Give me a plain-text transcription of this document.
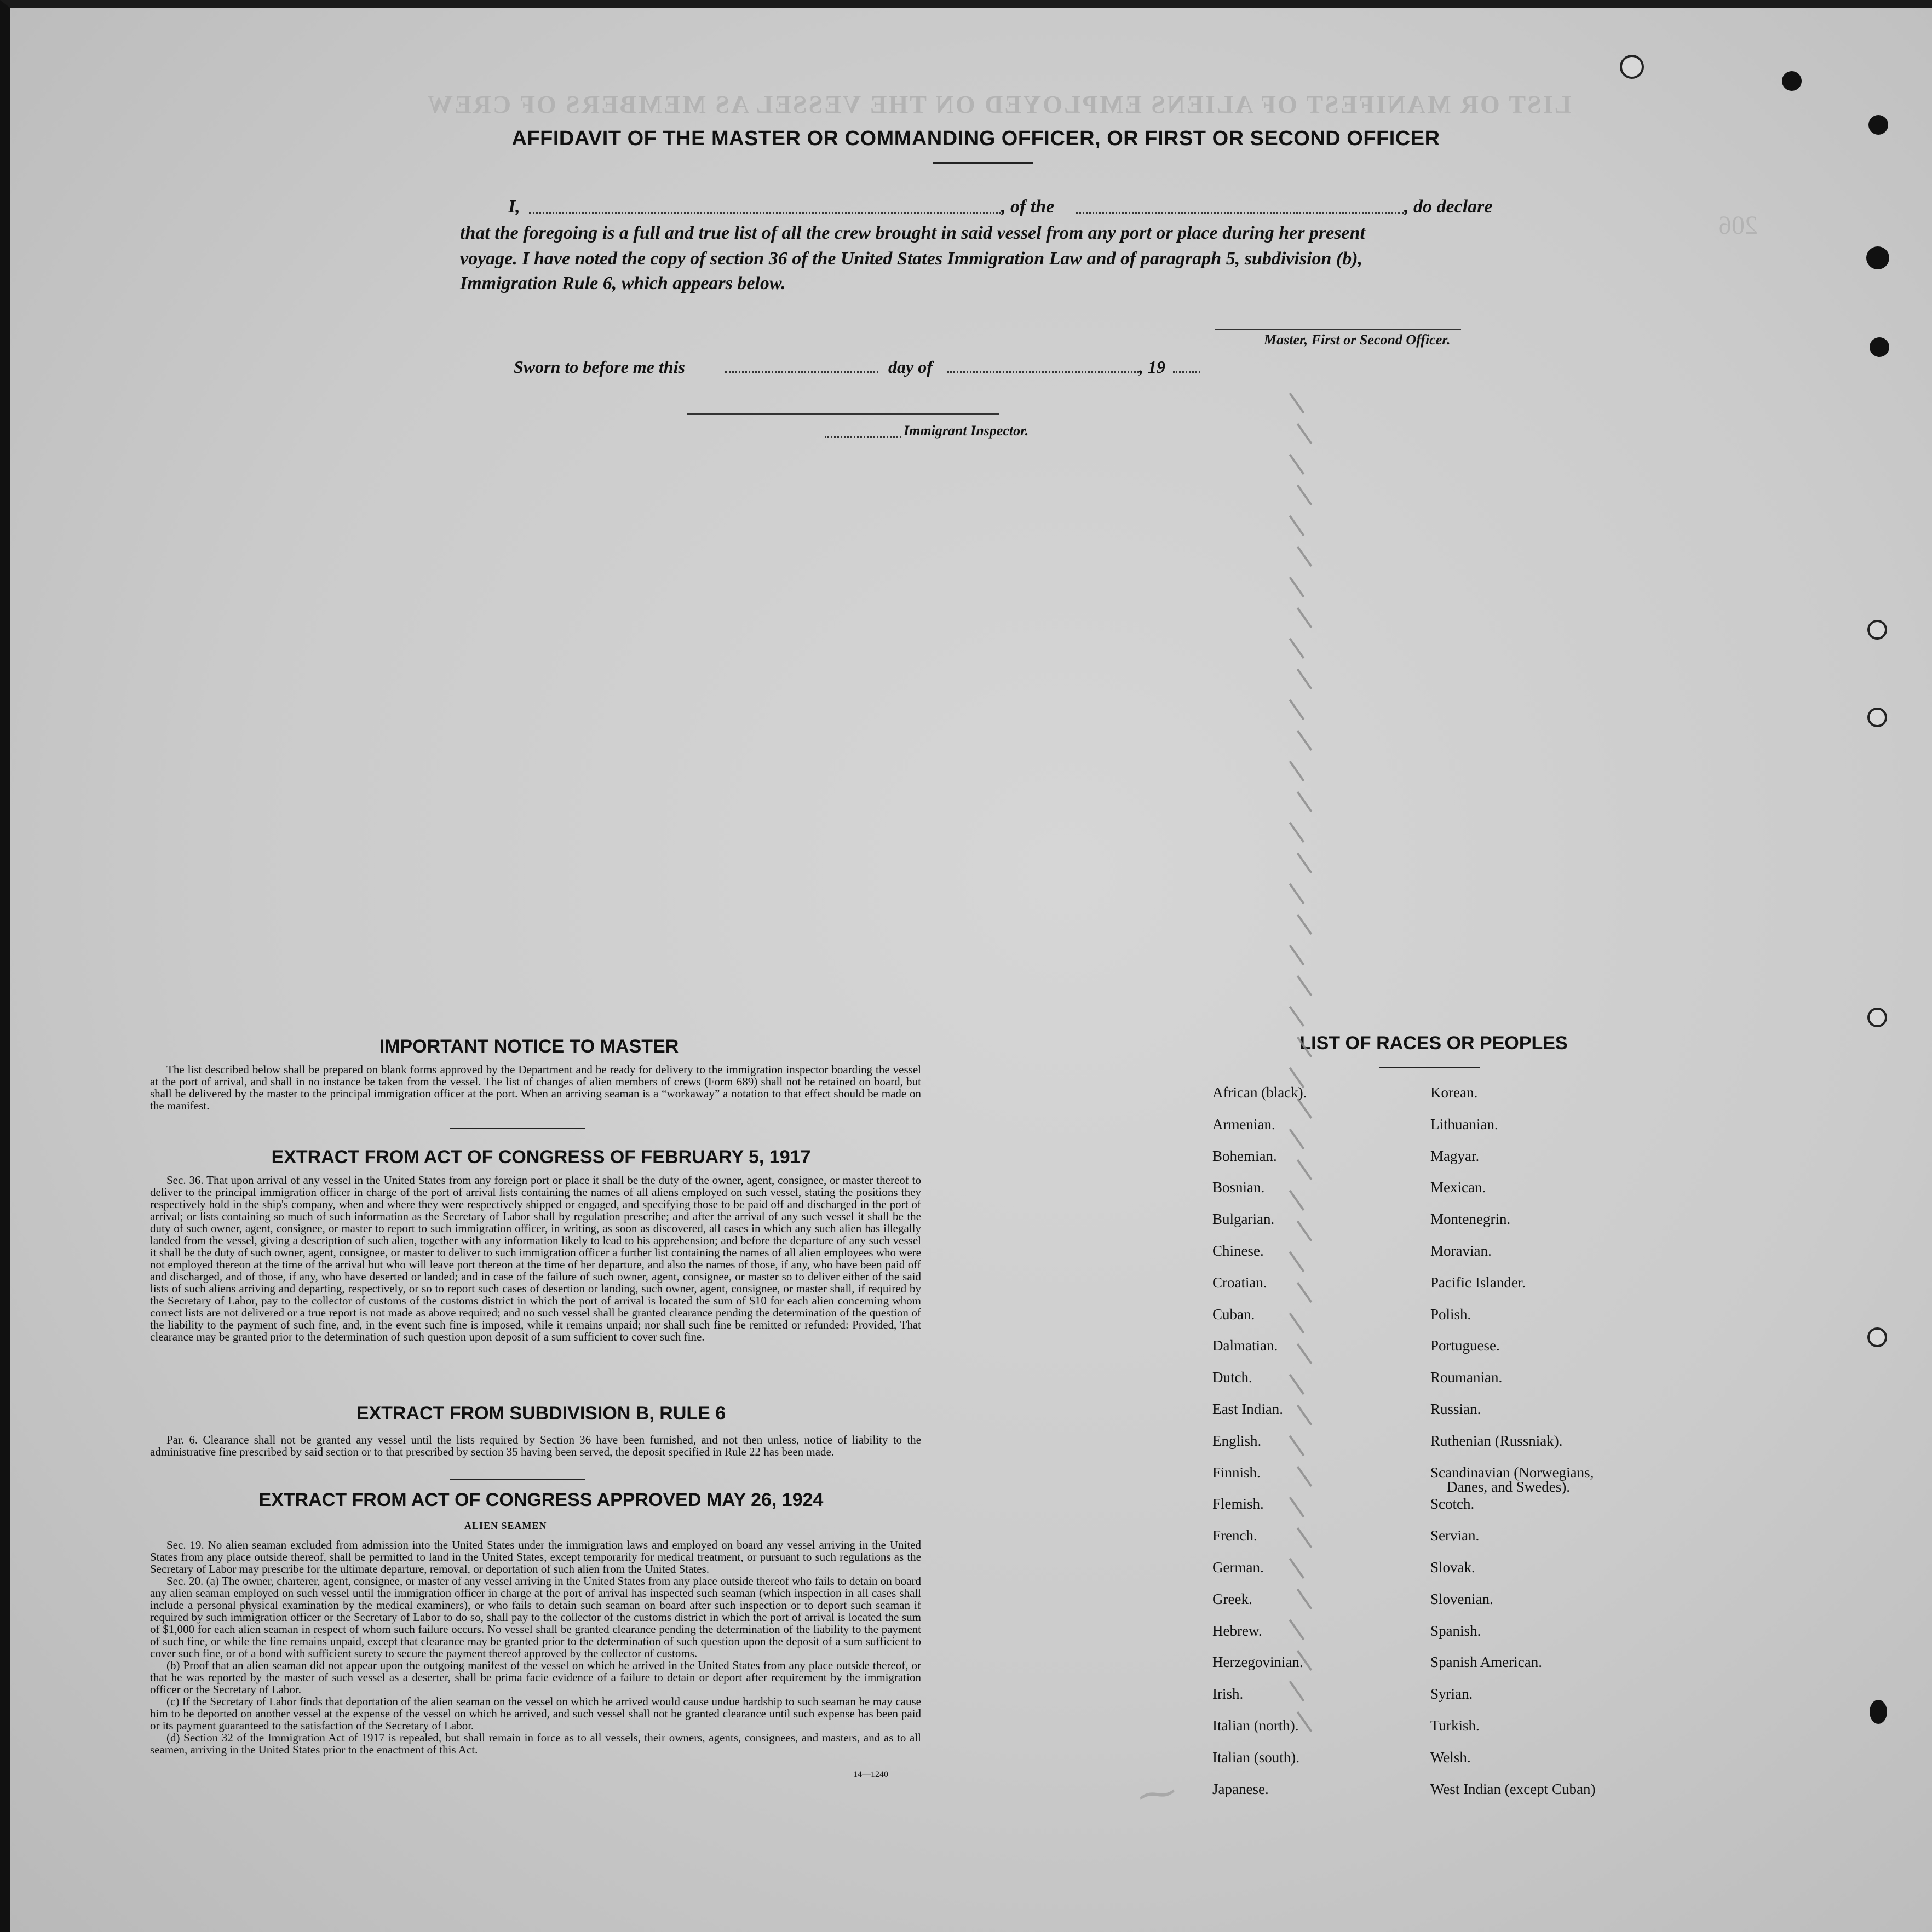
LIST OR MANIFEST OF ALIENS EMPLOYED ON THE VESSEL AS MEMBERS OF CREW
206
AFFIDAVIT OF THE MASTER OR COMMANDING OFFICER, OR FIRST OR SECOND OFFICER
I,	, of the	, do declare
that the foregoing is a full and true list of all the crew brought in said vessel from any port or place during her present
voyage. I have noted the copy of section 36 of the United States Immigration Law and of paragraph 5, subdivision (b),
Immigration Rule 6, which appears below.
Master, First or Second Officer.
Sworn to before me this	day of	, 19
Immigrant Inspector.
IMPORTANT NOTICE TO MASTER

The list described below shall be prepared on blank forms approved by the Department and be ready for delivery to the immigration inspector boarding the vessel at the port of arrival, and shall in no instance be taken from the vessel. The list of changes of alien members of crews (Form 689) shall not be retained on board, but shall be delivered by the master to the principal immigration officer at the port. When an arriving seaman is a “workaway” a notation to that effect should be made on the manifest.

EXTRACT FROM ACT OF CONGRESS OF FEBRUARY 5, 1917

Sec. 36. That upon arrival of any vessel in the United States from any foreign port or place it shall be the duty of the owner, agent, consignee, or master thereof to deliver to the principal immigration officer in charge of the port of arrival lists containing the names of all aliens employed on such vessel, stating the positions they respectively hold in the ship's company, when and where they were respectively shipped or engaged, and specifying those to be paid off and discharged in the port of arrival; or lists containing so much of such information as the Secretary of Labor shall by regulation prescribe; and after the arrival of any such vessel it shall be the duty of such owner, agent, consignee, or master to report to such immigration officer, in writing, as soon as discovered, all cases in which any such alien has illegally landed from the vessel, giving a description of such alien, together with any information likely to lead to his apprehension; and before the departure of any such vessel it shall be the duty of such owner, agent, consignee, or master to deliver to such immigration officer a further list containing the names of all alien employees who were not employed thereon at the time of the arrival but who will leave port thereon at the time of her departure, and also the names of those, if any, who have been paid off and discharged, and of those, if any, who have deserted or landed; and in case of the failure of such owner, agent, consignee, or master so to deliver either of the said lists of such aliens arriving and departing, respectively, or so to report such cases of desertion or landing, such owner, agent, consignee, or master shall, if required by the Secretary of Labor, pay to the collector of customs of the customs district in which the port of arrival is located the sum of $10 for each alien concerning whom correct lists are not delivered or a true report is not made as above required; and no such vessel shall be granted clearance pending the determination of the question of the liability to the payment of such fine, and, in the event such fine is imposed, while it remains unpaid; nor shall such fine be remitted or refunded: Provided, That clearance may be granted prior to the determination of such question upon deposit of a sum sufficient to cover such fine.

EXTRACT FROM SUBDIVISION B, RULE 6

Par. 6. Clearance shall not be granted any vessel until the lists required by Section 36 have been furnished, and not then unless, notice of liability to the administrative fine prescribed by said section or to that prescribed by section 35 having been served, the deposit specified in Rule 22 has been made.

EXTRACT FROM ACT OF CONGRESS APPROVED MAY 26, 1924
ALIEN SEAMEN

Sec. 19. No alien seaman excluded from admission into the United States under the immigration laws and employed on board any vessel arriving in the United States from any place outside thereof, shall be permitted to land in the United States, except temporarily for medical treatment, or pursuant to such regulations as the Secretary of Labor may prescribe for the ultimate departure, removal, or deportation of such alien from the United States.

Sec. 20. (a) The owner, charterer, agent, consignee, or master of any vessel arriving in the United States from any place outside thereof who fails to detain on board any alien seaman employed on such vessel until the immigration officer in charge at the port of arrival has inspected such seaman (which inspection in all cases shall include a personal physical examination by the medical examiners), or who fails to detain such seaman on board after such inspection or to deport such seaman if required by such immigration officer or the Secretary of Labor to do so, shall pay to the collector of the customs district in which the port of arrival is located the sum of $1,000 for each alien seaman in respect of whom such failure occurs. No vessel shall be granted clearance pending the determination of the liability to the payment of such fine, or while the fine remains unpaid, except that clearance may be granted prior to the determination of such question upon the deposit of a sum sufficient to cover such fine, or of a bond with sufficient surety to secure the payment thereof approved by the collector of customs.

(b) Proof that an alien seaman did not appear upon the outgoing manifest of the vessel on which he arrived in the United States from any place outside thereof, or that he was reported by the master of such vessel as a deserter, shall be prima facie evidence of a failure to detain or deport after requirement by the immigration officer or the Secretary of Labor.

(c) If the Secretary of Labor finds that deportation of the alien seaman on the vessel on which he arrived would cause undue hardship to such seaman he may cause him to be deported on another vessel at the expense of the vessel on which he arrived, and such vessel shall not be granted clearance until such expense has been paid or its payment guaranteed to the satisfaction of the Secretary of Labor.

(d) Section 32 of the Immigration Act of 1917 is repealed, but shall remain in force as to all vessels, their owners, agents, consignees, and masters, and as to all seamen, arriving in the United States prior to the enactment of this Act.

14—1240
LIST OF RACES OR PEOPLES
⁓
African (black).
Armenian.
Bohemian.
Bosnian.
Bulgarian.
Chinese.
Croatian.
Cuban.
Dalmatian.
Dutch.
East Indian.
English.
Finnish.
Flemish.
French.
German.
Greek.
Hebrew.
Herzegovinian.
Irish.
Italian (north).
Italian (south).
Japanese.
Korean.
Lithuanian.
Magyar.
Mexican.
Montenegrin.
Moravian.
Pacific Islander.
Polish.
Portuguese.
Roumanian.
Russian.
Ruthenian (Russniak).
Scandinavian (Norwegians,
Danes, and Swedes).
Scotch.
Servian.
Slovak.
Slovenian.
Spanish.
Spanish American.
Syrian.
Turkish.
Welsh.
West Indian (except Cuban)
